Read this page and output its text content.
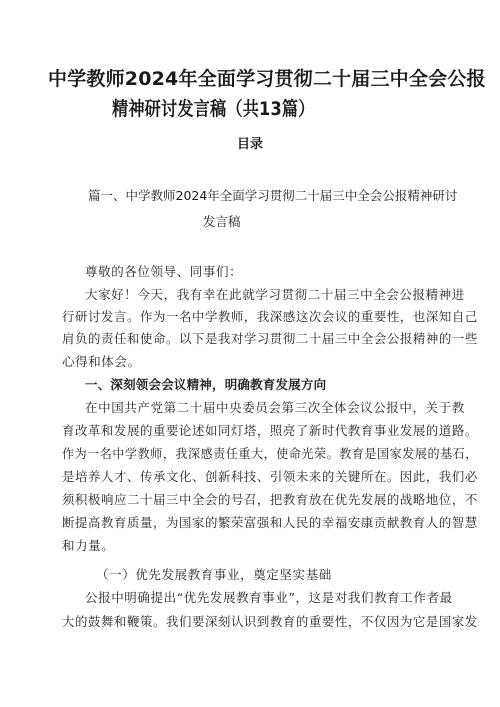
中学教师2024年全面学习贯彻二十届三中全会公报
精神研讨发言稿（共13篇）
目录
篇一、中学教师2024年全面学习贯彻二十届三中全会公报精神研讨
发言稿
尊敬的各位领导、同事们：
大家好！今天，我有幸在此就学习贯彻二十届三中全会公报精神进
行研讨发言。作为一名中学教师，我深感这次会议的重要性，也深知自己
肩负的责任和使命。以下是我对学习贯彻二十届三中全会公报精神的一些
心得和体会。
一、深刻领会会议精神，明确教育发展方向
在中国共产党第二十届中央委员会第三次全体会议公报中，关于教
育改革和发展的重要论述如同灯塔，照亮了新时代教育事业发展的道路。
作为一名中学教师，我深感责任重大，使命光荣。教育是国家发展的基石，
是培养人才、传承文化、创新科技、引领未来的关键所在。因此，我们必
须积极响应二十届三中全会的号召，把教育放在优先发展的战略地位，不
断提高教育质量，为国家的繁荣富强和人民的幸福安康贡献教育人的智慧
和力量。
（一）优先发展教育事业，奠定坚实基础
公报中明确提出“优先发展教育事业”，这是对我们教育工作者最
大的鼓舞和鞭策。我们要深刻认识到教育的重要性，不仅因为它是国家发
